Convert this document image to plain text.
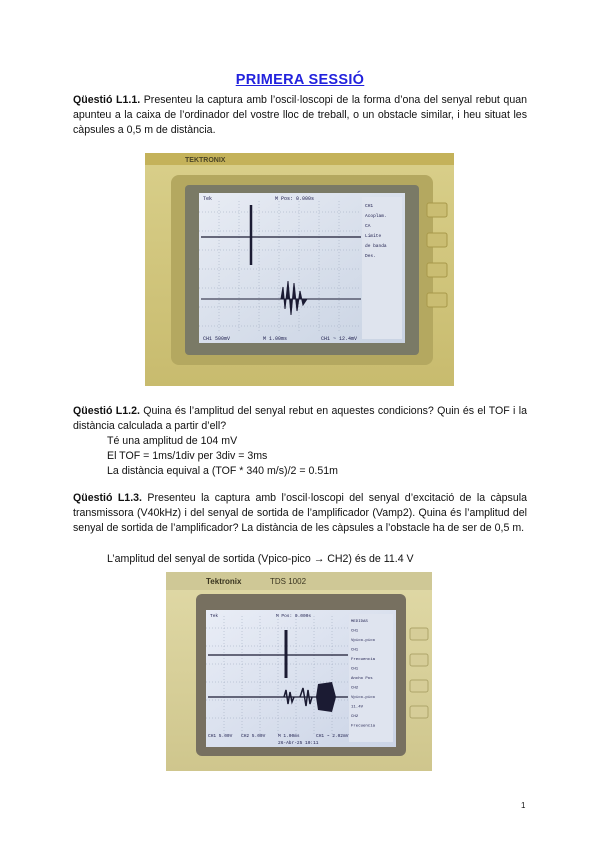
PRIMERA SESSIÓ
Qüestió L1.1. Presenteu la captura amb l’oscil·loscopi de la forma d’ona del senyal rebut quan apunteu a la caixa de l’ordinador del vostre lloc de treball, o un obstacle similar, i heu situat les càpsules a 0,5 m de distància.
Tek	M Pos: 0.000s
CH1
Acoplam.
CA
Límite
de banda
Des.
CH1 500mV	M 1.00ms	CH1 ~ 12.4mV
TEKTRONIX
Qüestió L1.2. Quina és l’amplitud del senyal rebut en aquestes condicions? Quin és el TOF i la distància calculada a partir d’ell?
Té una amplitud de 104 mV
El TOF = 1ms/1div per 3div = 3ms
La distància equival a (TOF * 340 m/s)/2 = 0.51m
Qüestió L1.3. Presenteu la captura amb l’oscil·loscopi del senyal d’excitació de la càpsula transmissora (V40kHz) i del senyal de sortida de l’amplificador (Vamp2). Quina és l’amplitud del senyal de sortida de l’amplificador? La distància de les càpsules a l’obstacle ha de ser de 0,5 m.
L’amplitud del senyal de sortida (Vpico-pico → CH2) és de 11.4 V
Tek	M Pos: 0.000s
MEDIDAS
CH1
Vpico-pico
CH1
Frecuencia
CH1
Ancho Pos
CH2
Vpico-pico
11.4V
CH2
Frecuencia
CH1 5.00V CH2 5.00V	M 1.00ms	CH1 ~ 2.02mV
26-Abr-25 10:11
Tektronix	TDS 1002
1
